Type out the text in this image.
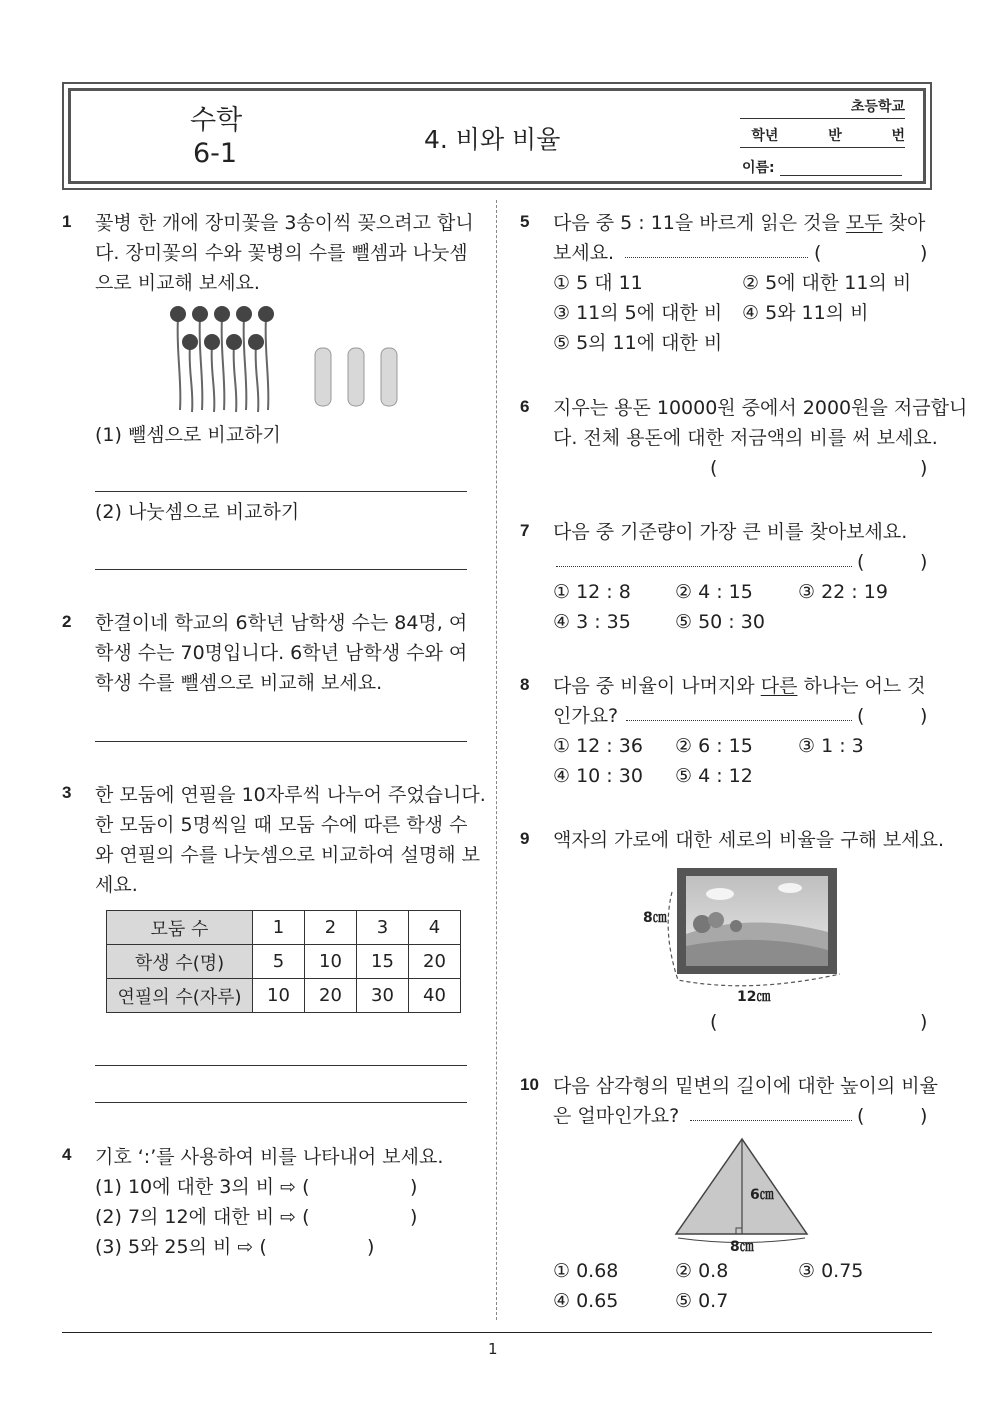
수학
6-1	4. 비와 비율
초등학교
학년  반  번
이름:
1 꽃병 한 개에 장미꽃을 3송이씩 꽂으려고 합니
다. 장미꽃의 수와 꽃병의 수를 뺄셈과 나눗셈
으로 비교해 보세요.
(1) 뺄셈으로 비교하기
(2) 나눗셈으로 비교하기
2 한결이네 학교의 6학년 남학생 수는 84명, 여
학생 수는 70명입니다. 6학년 남학생 수와 여
학생 수를 뺄셈으로 비교해 보세요.
3 한 모둠에 연필을 10자루씩 나누어 주었습니다.
한 모둠이 5명씩일 때 모둠 수에 따른 학생 수
와 연필의 수를 나눗셈으로 비교하여 설명해 보
세요.
모둠 수	1	2	3	4
학생 수(명)	5	10	15	20
연필의 수(자루)	10	20	30	40
4 기호 ‘:’를 사용하여 비를 나타내어 보세요.
(1) 10에 대한 3의 비 ⇨ (	)
(2) 7의 12에 대한 비 ⇨ (	)
(3) 5와 25의 비 ⇨ (	)
5 다음 중 5 : 11을 바르게 읽은 것을 모두 찾아
보세요.	(	)
① 5 대 11	② 5에 대한 11의 비
③ 11의 5에 대한 비 ④ 5와 11의 비
⑤ 5의 11에 대한 비
6 지우는 용돈 10000원 중에서 2000원을 저금합니
다. 전체 용돈에 대한 저금액의 비를 써 보세요.
(	)
7 다음 중 기준량이 가장 큰 비를 찾아보세요.
(	)
① 12 : 8 ② 4 : 15 ③ 22 : 19
④ 3 : 35 ⑤ 50 : 30
8 다음 중 비율이 나머지와 다른 하나는 어느 것
인가요?	(	)
① 12 : 36 ② 6 : 15 ③ 1 : 3
④ 10 : 30 ⑤ 4 : 12
9 액자의 가로에 대한 세로의 비율을 구해 보세요.
8㎝
12㎝
(	)
10 다음 삼각형의 밑변의 길이에 대한 높이의 비율
은 얼마인가요?	(	)
6㎝
8㎝
① 0.68	② 0.8	③ 0.75
④ 0.65	⑤ 0.7
1
